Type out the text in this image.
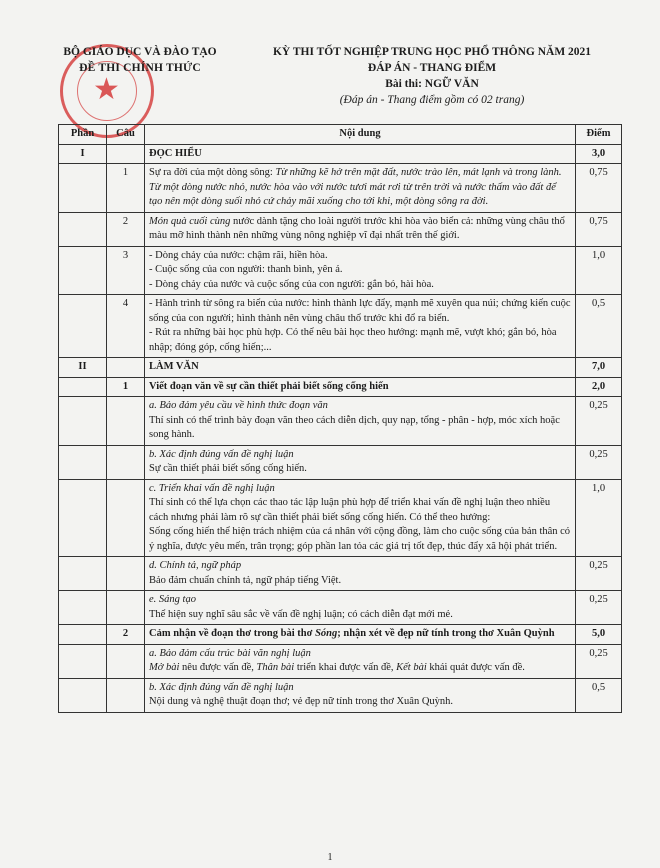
★

BỘ GIÁO DỤC VÀ ĐÀO TẠO

ĐỀ THI CHÍNH THỨC

KỲ THI TỐT NGHIỆP TRUNG HỌC PHỔ THÔNG NĂM 2021

ĐÁP ÁN - THANG ĐIỂM

Bài thi: NGỮ VĂN

(Đáp án - Thang điểm gồm có 02 trang)

Phần	Câu	Nội dung	Điểm
I		ĐỌC HIỂU	3,0
	1	Sự ra đời của một dòng sông: Từ những kẽ hở trên mặt đất, nước trào lên, mát lạnh và trong lành. Từ một dòng nước nhỏ, nước hòa vào với nước tươi mát rơi từ trên trời và nước thấm vào đất để tạo nên một dòng suối nhỏ cứ chảy mãi xuống cho tới khi, một dòng sông ra đời.	0,75
	2	Món quà cuối cùng nước dành tặng cho loài người trước khi hòa vào biển cả: những vùng châu thổ màu mỡ hình thành nên những vùng nông nghiệp vĩ đại nhất trên thế giới.	0,75
	3	- Dòng chảy của nước: chậm rãi, hiền hòa.

- Cuộc sống của con người: thanh bình, yên ả.

- Dòng chảy của nước và cuộc sống của con người: gắn bó, hài hòa.	1,0
	4	- Hành trình từ sông ra biển của nước: hình thành lực đẩy, mạnh mẽ xuyên qua núi; chứng kiến cuộc sống của con người; hình thành nên vùng châu thổ trước khi đổ ra biển.

- Rút ra những bài học phù hợp. Có thể nêu bài học theo hướng: mạnh mẽ, vượt khó; gắn bó, hòa nhập; đóng góp, cống hiến;...	0,5
II		LÀM VĂN	7,0
	1	Viết đoạn văn về sự cần thiết phải biết sống cống hiến	2,0

		a. Bảo đảm yêu cầu về hình thức đoạn văn

Thí sinh có thể trình bày đoạn văn theo cách diễn dịch, quy nạp, tổng - phân - hợp, móc xích hoặc song hành.	0,25

		b. Xác định đúng vấn đề nghị luận

Sự cần thiết phải biết sống cống hiến.	0,25

		c. Triển khai vấn đề nghị luận

Thí sinh có thể lựa chọn các thao tác lập luận phù hợp để triển khai vấn đề nghị luận theo nhiều cách nhưng phải làm rõ sự cần thiết phải biết sống cống hiến. Có thể theo hướng:

Sống cống hiến thể hiện trách nhiệm của cá nhân với cộng đồng, làm cho cuộc sống của bản thân có ý nghĩa, được yêu mến, trân trọng; góp phần lan tỏa các giá trị tốt đẹp, thúc đẩy xã hội phát triển.	1,0

		d. Chính tả, ngữ pháp

Bảo đảm chuẩn chính tả, ngữ pháp tiếng Việt.	0,25

		e. Sáng tạo

Thể hiện suy nghĩ sâu sắc về vấn đề nghị luận; có cách diễn đạt mới mẻ.	0,25
	2	Cảm nhận về đoạn thơ trong bài thơ Sóng; nhận xét về đẹp nữ tính trong thơ Xuân Quỳnh	5,0

		a. Bảo đảm cấu trúc bài văn nghị luận

Mở bài nêu được vấn đề, Thân bài triển khai được vấn đề, Kết bài khái quát được vấn đề.	0,25

		b. Xác định đúng vấn đề nghị luận

Nội dung và nghệ thuật đoạn thơ; vẻ đẹp nữ tính trong thơ Xuân Quỳnh.	0,5
1
